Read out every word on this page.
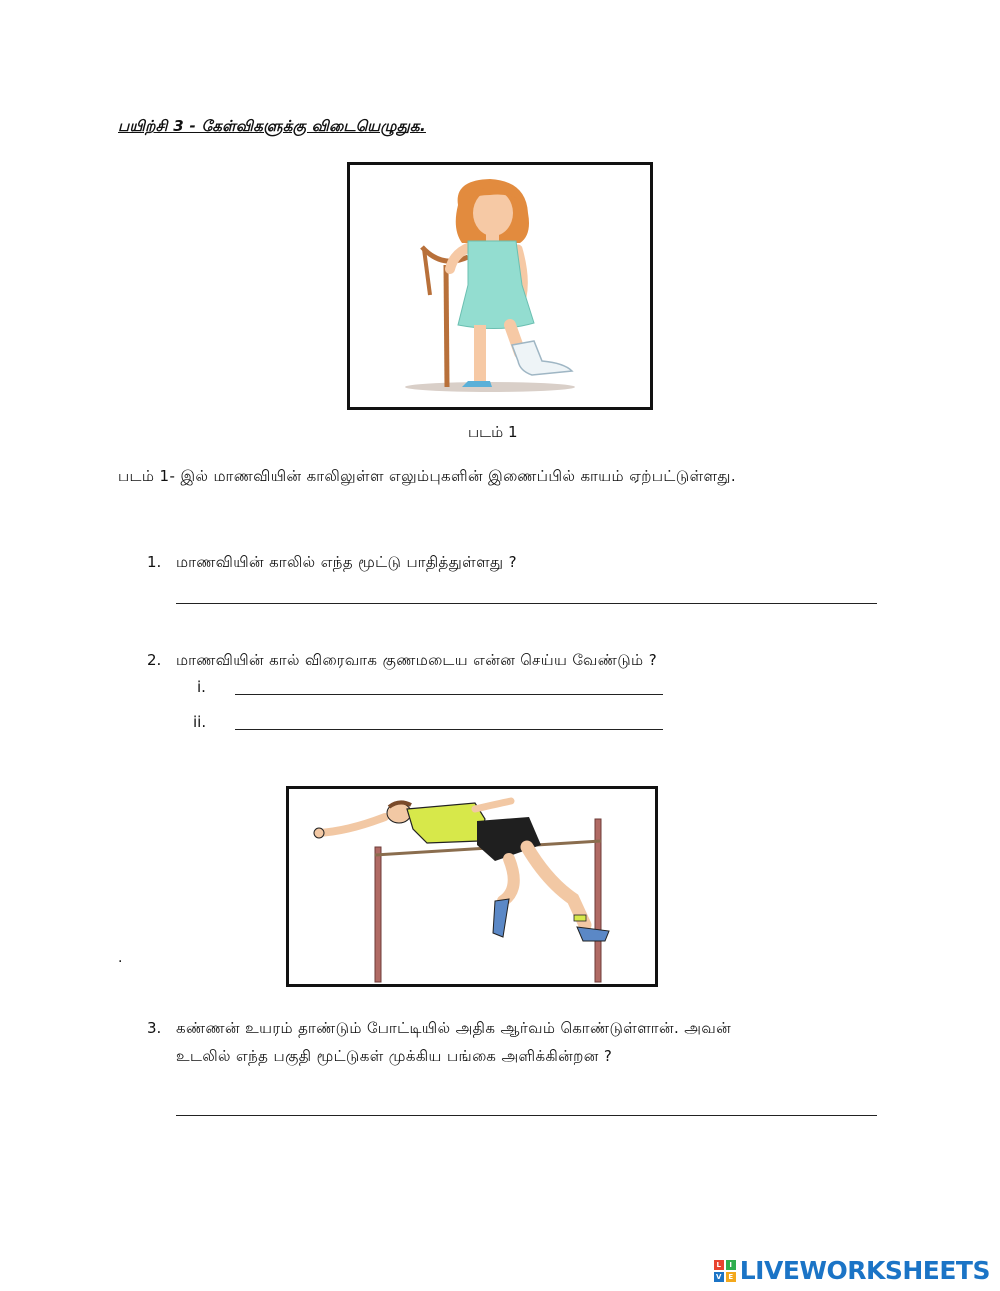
பயிற்சி 3 - கேள்விகளுக்கு விடையெழுதுக.
படம் 1
படம் 1- இல் மாணவியின் காலிலுள்ள எலும்புகளின் இணைப்பில் காயம் ஏற்பட்டுள்ளது.
1. மாணவியின் காலில் எந்த மூட்டு பாதித்துள்ளது ?
2. மாணவியின் கால் விரைவாக குணமடைய என்ன செய்ய வேண்டும் ?
i.
ii.
.
3. கண்ணன் உயரம் தாண்டும் போட்டியில் அதிக ஆர்வம் கொண்டுள்ளான். அவன்
உடலில் எந்த பகுதி மூட்டுகள் முக்கிய பங்கை அளிக்கின்றன ?
L	I
V E LIVEWORKSHEETS
